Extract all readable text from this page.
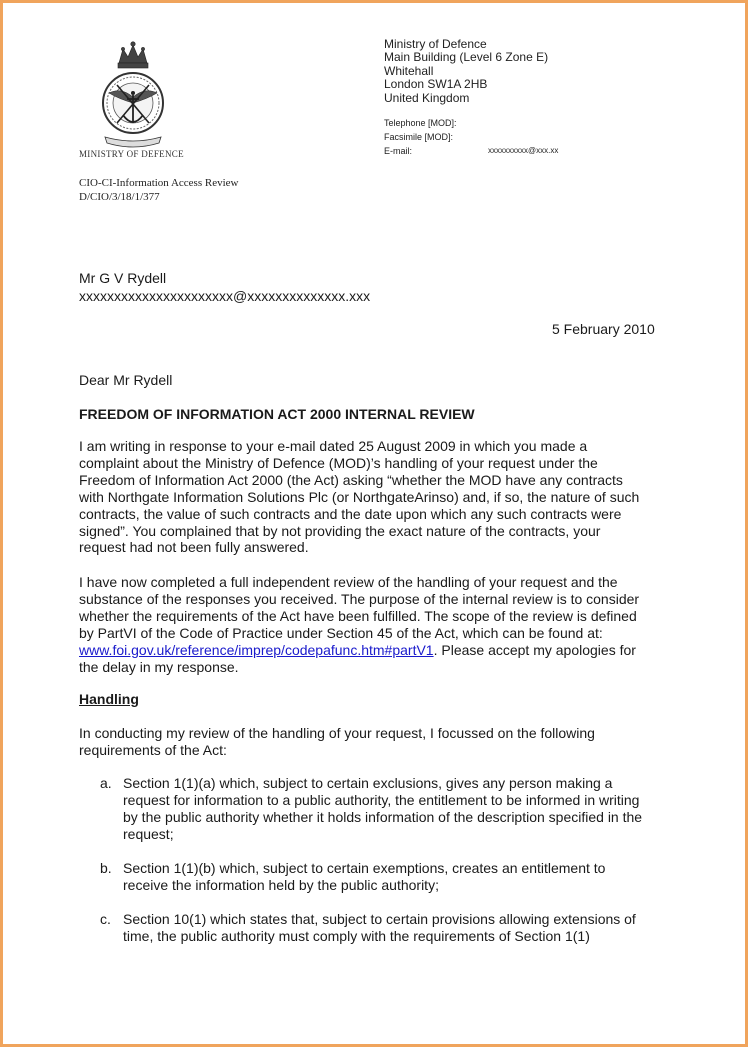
MINISTRY OF DEFENCE
Ministry of Defence
Main Building (Level 6 Zone E)
Whitehall
London SW1A 2HB
United Kingdom
Telephone [MOD]:
Facsimile [MOD]:
E-mail:	xxxxxxxxxx@xxx.xx
CIO-CI-Information Access Review
D/CIO/3/18/1/377
Mr G V Rydell
xxxxxxxxxxxxxxxxxxxxxx@xxxxxxxxxxxxxx.xxx
5 February 2010
Dear Mr Rydell
FREEDOM OF INFORMATION ACT 2000 INTERNAL REVIEW
I am writing in response to your e-mail dated 25 August 2009 in which you made a
complaint about the Ministry of Defence (MOD)’s handling of your request under the
Freedom of Information Act 2000 (the Act) asking “whether the MOD have any contracts
with Northgate Information Solutions Plc (or NorthgateArinso) and, if so, the nature of such
contracts, the value of such contracts and the date upon which any such contracts were
signed”. You complained that by not providing the exact nature of the contracts, your
request had not been fully answered.
I have now completed a full independent review of the handling of your request and the
substance of the responses you received. The purpose of the internal review is to consider
whether the requirements of the Act have been fulfilled. The scope of the review is defined
by PartVI of the Code of Practice under Section 45 of the Act, which can be found at:
www.foi.gov.uk/reference/imprep/codepafunc.htm#partV1. Please accept my apologies for
the delay in my response.
Handling
In conducting my review of the handling of your request, I focussed on the following
requirements of the Act:
a. Section 1(1)(a) which, subject to certain exclusions, gives any person making a
request for information to a public authority, the entitlement to be informed in writing
by the public authority whether it holds information of the description specified in the
request;
b. Section 1(1)(b) which, subject to certain exemptions, creates an entitlement to
receive the information held by the public authority;
c. Section 10(1) which states that, subject to certain provisions allowing extensions of
time, the public authority must comply with the requirements of Section 1(1)
